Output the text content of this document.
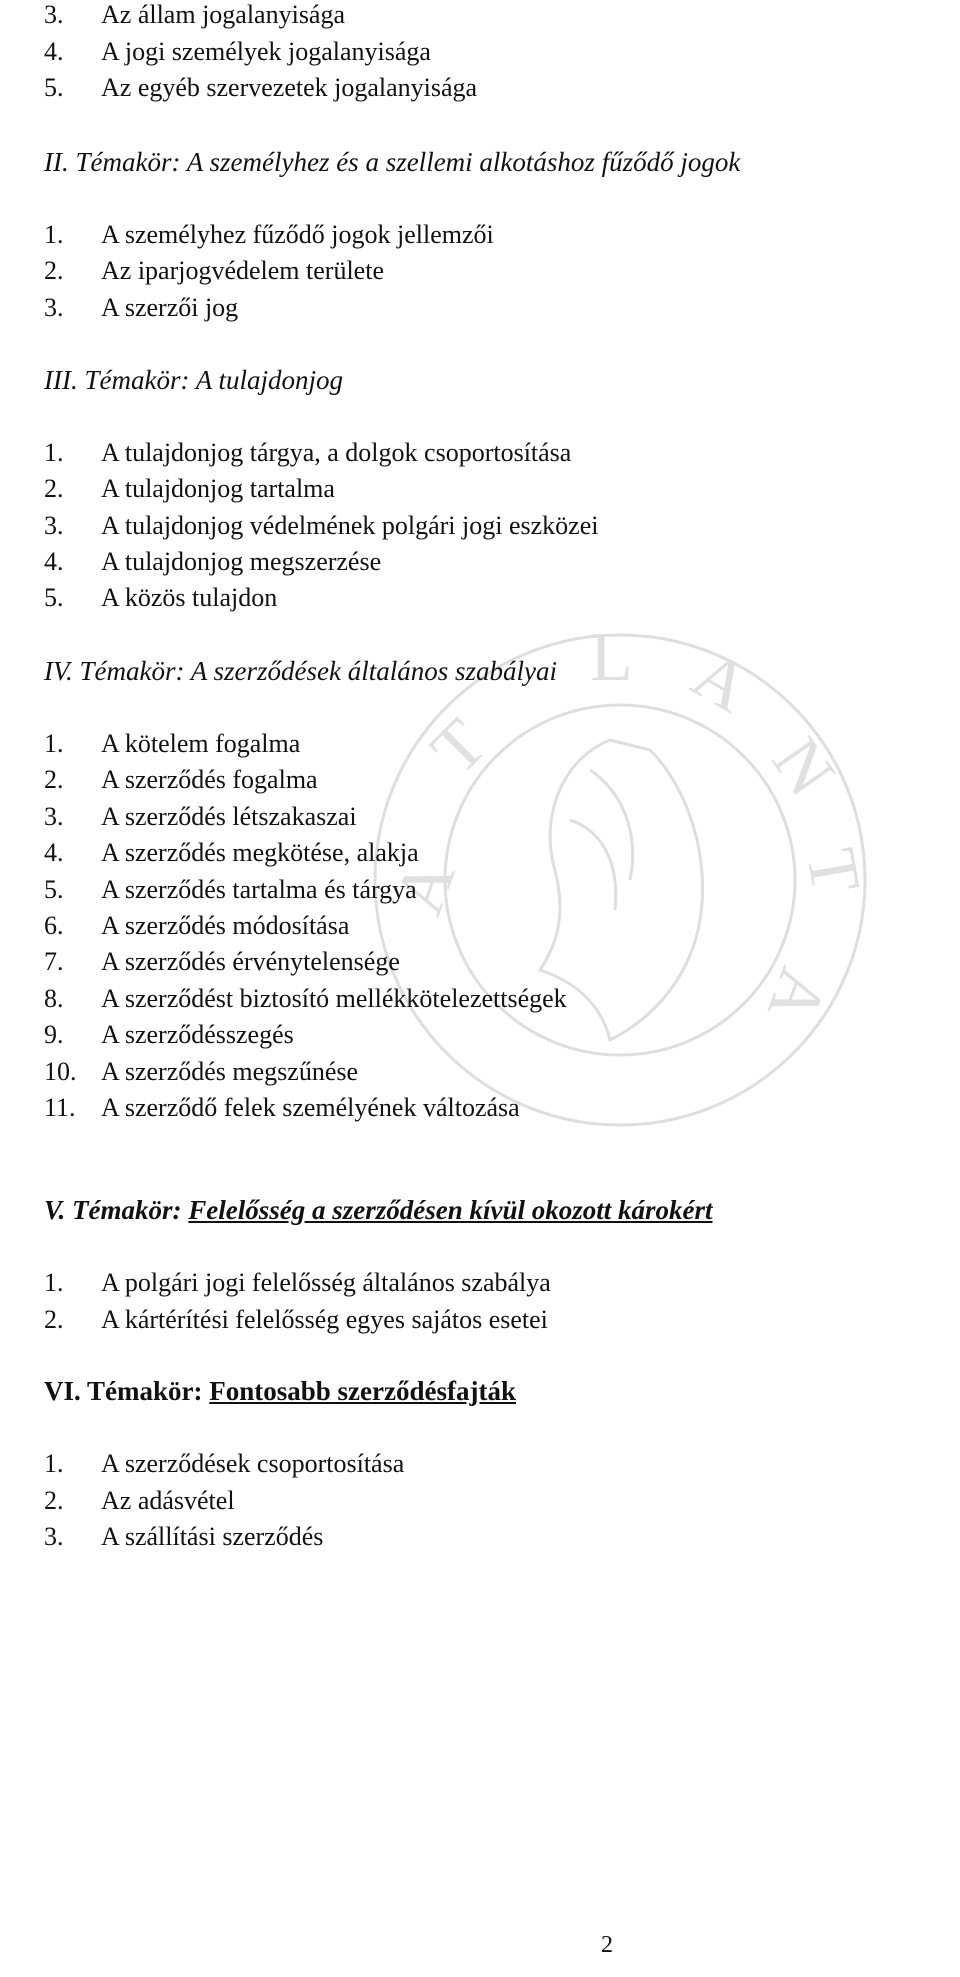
A
T
L A
N
T
A
3. Az állam jogalanyisága
4. A jogi személyek jogalanyisága
5. Az egyéb szervezetek jogalanyisága
II. Témakör: A személyhez és a szellemi alkotáshoz fűződő jogok
1. A személyhez fűződő jogok jellemzői
2. Az iparjogvédelem területe
3. A szerzői jog
III. Témakör: A tulajdonjog
1. A tulajdonjog tárgya, a dolgok csoportosítása
2. A tulajdonjog tartalma
3. A tulajdonjog védelmének polgári jogi eszközei
4. A tulajdonjog megszerzése
5. A közös tulajdon
IV. Témakör: A szerződések általános szabályai
1. A kötelem fogalma
2. A szerződés fogalma
3. A szerződés létszakaszai
4. A szerződés megkötése, alakja
5. A szerződés tartalma és tárgya
6. A szerződés módosítása
7. A szerződés érvénytelensége
8. A szerződést biztosító mellékkötelezettségek
9. A szerződésszegés
10. A szerződés megszűnése
11. A szerződő felek személyének változása
V. Témakör: Felelősség a szerződésen kívül okozott károkért
1. A polgári jogi felelősség általános szabálya
2. A kártérítési felelősség egyes sajátos esetei
VI. Témakör: Fontosabb szerződésfajták
1. A szerződések csoportosítása
2. Az adásvétel
3. A szállítási szerződés
2
